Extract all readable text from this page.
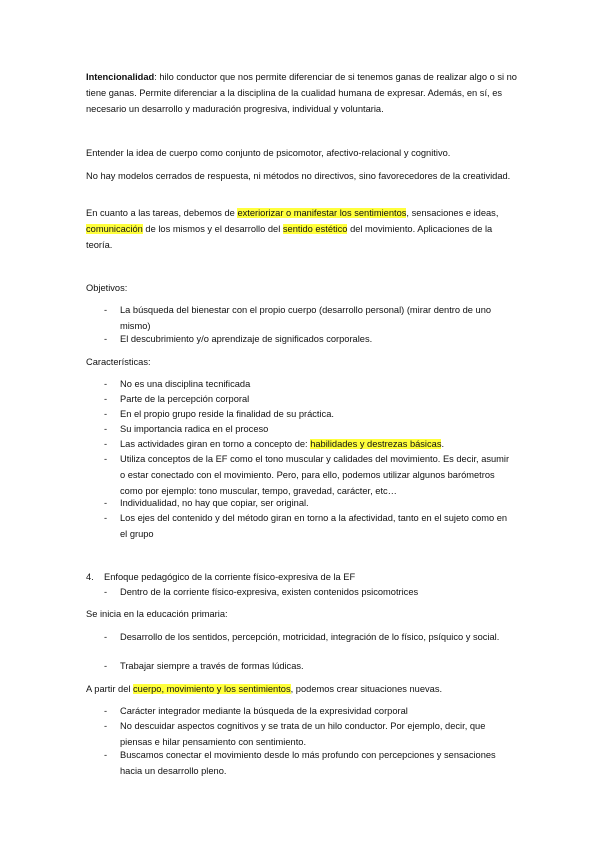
Intencionalidad: hilo conductor que nos permite diferenciar de si tenemos ganas de realizar algo o si no tiene ganas. Permite diferenciar a la disciplina de la cualidad humana de expresar. Además, en sí, es necesario un desarrollo y maduración progresiva, individual y voluntaria.
Entender la idea de cuerpo como conjunto de psicomotor, afectivo-relacional y cognitivo.
No hay modelos cerrados de respuesta, ni métodos no directivos, sino favorecedores de la creatividad.
En cuanto a las tareas, debemos de exteriorizar o manifestar los sentimientos, sensaciones e ideas, comunicación de los mismos y el desarrollo del sentido estético del movimiento. Aplicaciones de la teoría.
Objetivos:
- La búsqueda del bienestar con el propio cuerpo (desarrollo personal) (mirar dentro de uno mismo)
- El descubrimiento y/o aprendizaje de significados corporales.
Características:
- No es una disciplina tecnificada
- Parte de la percepción corporal
- En el propio grupo reside la finalidad de su práctica.
- Su importancia radica en el proceso
- Las actividades giran en torno a concepto de: habilidades y destrezas básicas.
- Utiliza conceptos de la EF como el tono muscular y calidades del movimiento. Es decir, asumir o estar conectado con el movimiento. Pero, para ello, podemos utilizar algunos barómetros como por ejemplo: tono muscular, tempo, gravedad, carácter, etc…
- Individualidad, no hay que copiar, ser original.
- Los ejes del contenido y del método giran en torno a la afectividad, tanto en el sujeto como en el grupo
4. Enfoque pedagógico de la corriente físico-expresiva de la EF
- Dentro de la corriente físico-expresiva, existen contenidos psicomotrices
Se inicia en la educación primaria:
- Desarrollo de los sentidos, percepción, motricidad, integración de lo físico, psíquico y social.
- Trabajar siempre a través de formas lúdicas.
A partir del cuerpo, movimiento y los sentimientos, podemos crear situaciones nuevas.
- Carácter integrador mediante la búsqueda de la expresividad corporal
- No descuidar aspectos cognitivos y se trata de un hilo conductor. Por ejemplo, decir, que piensas e hilar pensamiento con sentimiento.
- Buscamos conectar el movimiento desde lo más profundo con percepciones y sensaciones hacia un desarrollo pleno.
